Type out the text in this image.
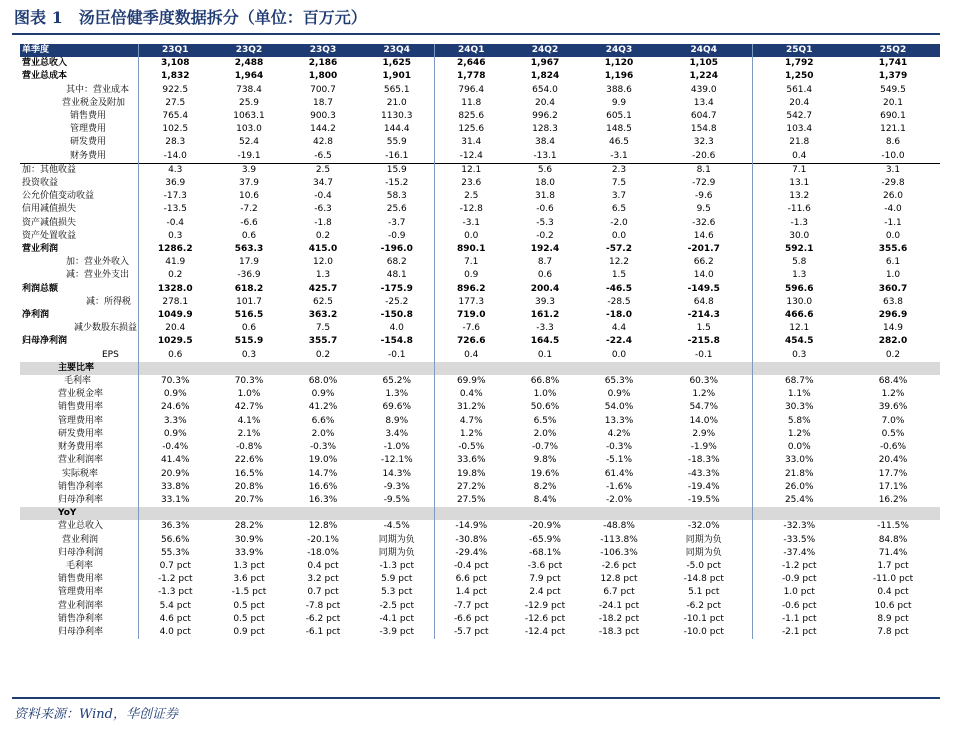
图表 1　汤臣倍健季度数据拆分（单位：百万元）
单季度	23Q1	23Q2	23Q3	23Q4	24Q1	24Q2	24Q3	24Q4	25Q1	25Q2
营业总收入	3,108	2,488	2,186	1,625	2,646	1,967	1,120	1,105	1,792	1,741
营业总成本	1,832	1,964	1,800	1,901	1,778	1,824	1,196	1,224	1,250	1,379
其中：营业成本	922.5	738.4	700.7	565.1	796.4	654.0	388.6	439.0	561.4	549.5
营业税金及附加	27.5	25.9	18.7	21.0	11.8	20.4	9.9	13.4	20.4	20.1
销售费用	765.4	1063.1	900.3	1130.3	825.6	996.2	605.1	604.7	542.7	690.1
管理费用	102.5	103.0	144.2	144.4	125.6	128.3	148.5	154.8	103.4	121.1
研发费用	28.3	52.4	42.8	55.9	31.4	38.4	46.5	32.3	21.8	8.6
财务费用	-14.0	-19.1	-6.5	-16.1	-12.4	-13.1	-3.1	-20.6	0.4	-10.0
加：其他收益	4.3	3.9	2.5	15.9	12.1	5.6	2.3	8.1	7.1	3.1
投资收益	36.9	37.9	34.7	-15.2	23.6	18.0	7.5	-72.9	13.1	-29.8
公允价值变动收益	-17.3	10.6	-0.4	58.3	2.5	31.8	3.7	-9.6	13.2	26.0
信用减值损失	-13.5	-7.2	-6.3	25.6	-12.8	-0.6	6.5	9.5	-11.6	-4.0
资产减值损失	-0.4	-6.6	-1.8	-3.7	-3.1	-5.3	-2.0	-32.6	-1.3	-1.1
资产处置收益	0.3	0.6	0.2	-0.9	0.0	-0.2	0.0	14.6	30.0	0.0
营业利润	1286.2	563.3	415.0	-196.0	890.1	192.4	-57.2	-201.7	592.1	355.6
加：营业外收入	41.9	17.9	12.0	68.2	7.1	8.7	12.2	66.2	5.8	6.1
减：营业外支出	0.2	-36.9	1.3	48.1	0.9	0.6	1.5	14.0	1.3	1.0
利润总额	1328.0	618.2	425.7	-175.9	896.2	200.4	-46.5	-149.5	596.6	360.7
减：所得税	278.1	101.7	62.5	-25.2	177.3	39.3	-28.5	64.8	130.0	63.8
净利润	1049.9	516.5	363.2	-150.8	719.0	161.2	-18.0	-214.3	466.6	296.9
减少数股东损益	20.4	0.6	7.5	4.0	-7.6	-3.3	4.4	1.5	12.1	14.9
归母净利润	1029.5	515.9	355.7	-154.8	726.6	164.5	-22.4	-215.8	454.5	282.0
EPS	0.6	0.3	0.2	-0.1	0.4	0.1	0.0	-0.1	0.3	0.2
主要比率										
毛利率	70.3%	70.3%	68.0%	65.2%	69.9%	66.8%	65.3%	60.3%	68.7%	68.4%
营业税金率	0.9%	1.0%	0.9%	1.3%	0.4%	1.0%	0.9%	1.2%	1.1%	1.2%
销售费用率	24.6%	42.7%	41.2%	69.6%	31.2%	50.6%	54.0%	54.7%	30.3%	39.6%
管理费用率	3.3%	4.1%	6.6%	8.9%	4.7%	6.5%	13.3%	14.0%	5.8%	7.0%
研发费用率	0.9%	2.1%	2.0%	3.4%	1.2%	2.0%	4.2%	2.9%	1.2%	0.5%
财务费用率	-0.4%	-0.8%	-0.3%	-1.0%	-0.5%	-0.7%	-0.3%	-1.9%	0.0%	-0.6%
营业利润率	41.4%	22.6%	19.0%	-12.1%	33.6%	9.8%	-5.1%	-18.3%	33.0%	20.4%
实际税率	20.9%	16.5%	14.7%	14.3%	19.8%	19.6%	61.4%	-43.3%	21.8%	17.7%
销售净利率	33.8%	20.8%	16.6%	-9.3%	27.2%	8.2%	-1.6%	-19.4%	26.0%	17.1%
归母净利率	33.1%	20.7%	16.3%	-9.5%	27.5%	8.4%	-2.0%	-19.5%	25.4%	16.2%
YoY										
营业总收入	36.3%	28.2%	12.8%	-4.5%	-14.9%	-20.9%	-48.8%	-32.0%	-32.3%	-11.5%
营业利润	56.6%	30.9%	-20.1%	同期为负	-30.8%	-65.9%	-113.8%	同期为负	-33.5%	84.8%
归母净利润	55.3%	33.9%	-18.0%	同期为负	-29.4%	-68.1%	-106.3%	同期为负	-37.4%	71.4%
毛利率	0.7 pct	1.3 pct	0.4 pct	-1.3 pct	-0.4 pct	-3.6 pct	-2.6 pct	-5.0 pct	-1.2 pct	1.7 pct
销售费用率	-1.2 pct	3.6 pct	3.2 pct	5.9 pct	6.6 pct	7.9 pct	12.8 pct	-14.8 pct	-0.9 pct	-11.0 pct
管理费用率	-1.3 pct	-1.5 pct	0.7 pct	5.3 pct	1.4 pct	2.4 pct	6.7 pct	5.1 pct	1.0 pct	0.4 pct
营业利润率	5.4 pct	0.5 pct	-7.8 pct	-2.5 pct	-7.7 pct	-12.9 pct	-24.1 pct	-6.2 pct	-0.6 pct	10.6 pct
销售净利率	4.6 pct	0.5 pct	-6.2 pct	-4.1 pct	-6.6 pct	-12.6 pct	-18.2 pct	-10.1 pct	-1.1 pct	8.9 pct
归母净利率	4.0 pct	0.9 pct	-6.1 pct	-3.9 pct	-5.7 pct	-12.4 pct	-18.3 pct	-10.0 pct	-2.1 pct	7.8 pct
资料来源：Wind，华创证券
